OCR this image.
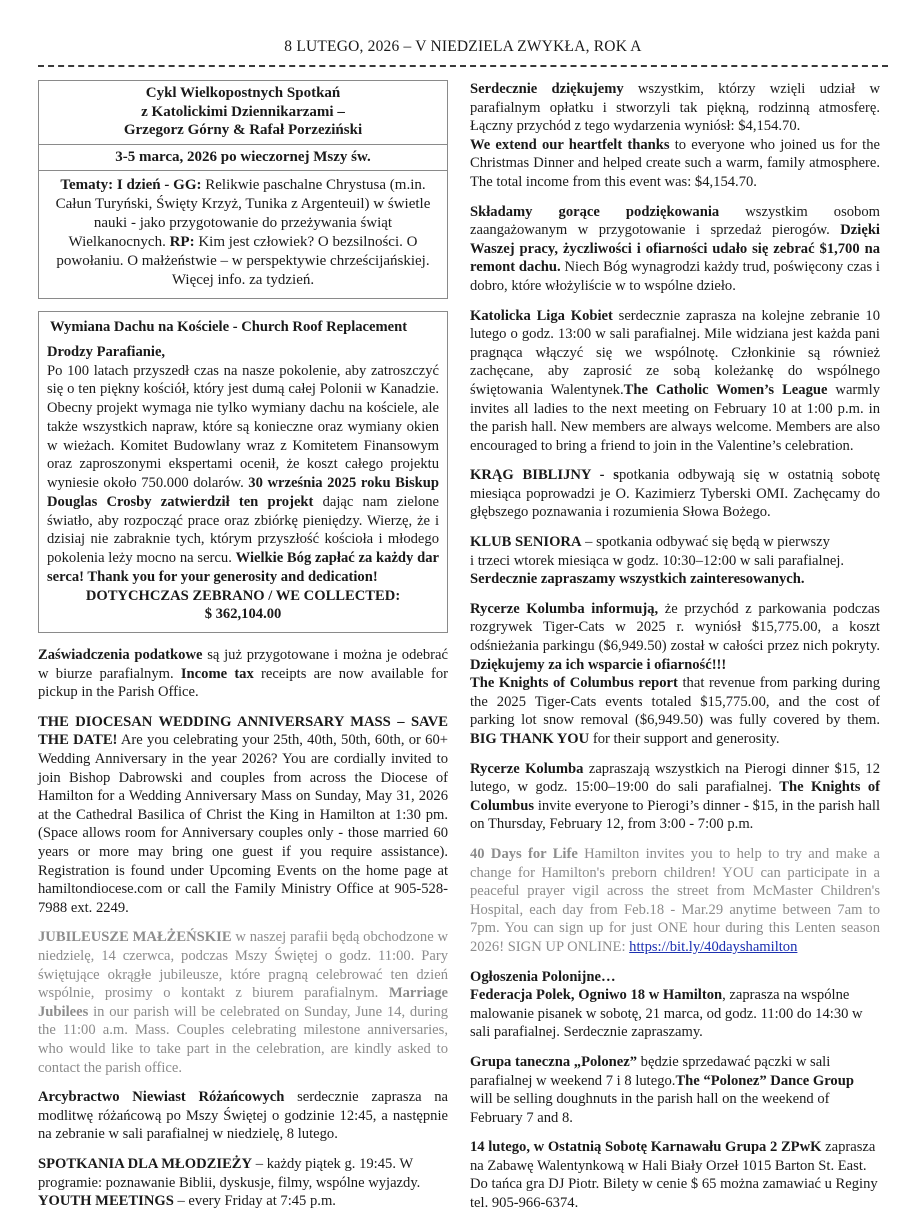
8 LUTEGO, 2026 – V NIEDZIELA ZWYKŁA, ROK A
Cykl Wielkopostnych Spotkań
z Katolickimi Dziennikarzami –
Grzegorz Górny & Rafał Porzeziński
3-5 marca, 2026 po wieczornej Mszy św.
Tematy: I dzień - GG: Relikwie paschalne Chrystusa (m.in. Całun Turyński, Święty Krzyż, Tunika z Argenteuil) w świetle nauki - jako przygotowanie do przeżywania świąt Wielkanocnych. RP: Kim jest człowiek? O bezsilności. O powołaniu. O małżeństwie – w perspektywie chrześcijańskiej. Więcej info. za tydzień.
Wymiana Dachu na Kościele - Church Roof Replacement
Drodzy Parafianie,
Po 100 latach przyszedł czas na nasze pokolenie, aby zatroszczyć się o ten piękny kościół, który jest dumą całej Polonii w Kanadzie. Obecny projekt wymaga nie tylko wymiany dachu na kościele, ale także wszystkich napraw, które są konieczne oraz wymiany okien w wieżach. Komitet Budowlany wraz z Komitetem Finansowym oraz zaproszonymi ekspertami ocenił, że koszt całego projektu wyniesie około 750.000 dolarów. 30 września 2025 roku Biskup Douglas Crosby zatwierdził ten projekt dając nam zielone światło, aby rozpocząć prace oraz zbiórkę pieniędzy. Wierzę, że i dzisiaj nie zabraknie tych, którym przyszłość kościoła i młodego pokolenia leży mocno na sercu. Wielkie Bóg zapłać za każdy dar serca! Thank you for your generosity and dedication!
DOTYCHCZAS ZEBRANO / WE COLLECTED:
$ 362,104.00

Zaświadczenia podatkowe są już przygotowane i można je odebrać w biurze parafialnym. Income tax receipts are now available for pickup in the Parish Office.

THE DIOCESAN WEDDING ANNIVERSARY MASS – SAVE THE DATE! Are you celebrating your 25th, 40th, 50th, 60th, or 60+ Wedding Anniversary in the year 2026? You are cordially invited to join Bishop Dabrowski and couples from across the Diocese of Hamilton for a Wedding Anniversary Mass on Sunday, May 31, 2026 at the Cathedral Basilica of Christ the King in Hamilton at 1:30 pm. (Space allows room for Anniversary couples only - those married 60 years or more may bring one guest if you require assistance). Registration is found under Upcoming Events on the home page at hamiltondiocese.com or call the Family Ministry Office at 905-528-7988 ext. 2249.

JUBILEUSZE MAŁŻEŃSKIE w naszej parafii będą obchodzone w niedzielę, 14 czerwca, podczas Mszy Świętej o godz. 11:00. Pary świętujące okrągłe jubileusze, które pragną celebrować ten dzień wspólnie, prosimy o kontakt z biurem parafialnym. Marriage Jubilees in our parish will be celebrated on Sunday, June 14, during the 11:00 a.m. Mass. Couples celebrating milestone anniversaries, who would like to take part in the celebration, are kindly asked to contact the parish office.

Arcybractwo Niewiast Różańcowych serdecznie zaprasza na modlitwę różańcową po Mszy Świętej o godzinie 12:45, a następnie na zebranie w sali parafialnej w niedzielę, 8 lutego.

SPOTKANIA DLA MŁODZIEŻY – każdy piątek g. 19:45. W programie: poznawanie Biblii, dyskusje, filmy, wspólne wyjazdy. YOUTH MEETINGS – every Friday at 7:45 p.m.

Serdecznie dziękujemy wszystkim, którzy wzięli udział w parafialnym opłatku i stworzyli tak piękną, rodzinną atmosferę. Łączny przychód z tego wydarzenia wyniósł: $4,154.70.
We extend our heartfelt thanks to everyone who joined us for the Christmas Dinner and helped create such a warm, family atmosphere. The total income from this event was: $4,154.70.

Składamy gorące podziękowania wszystkim osobom zaangażowanym w przygotowanie i sprzedaż pierogów. Dzięki Waszej pracy, życzliwości i ofiarności udało się zebrać $1,700 na remont dachu. Niech Bóg wynagrodzi każdy trud, poświęcony czas i dobro, które włożyliście w to wspólne dzieło.

Katolicka Liga Kobiet serdecznie zaprasza na kolejne zebranie 10 lutego o godz. 13:00 w sali parafialnej. Mile widziana jest każda pani pragnąca włączyć się we wspólnotę. Członkinie są również zachęcane, aby zaprosić ze sobą koleżankę do wspólnego świętowania Walentynek.The Catholic Women’s League warmly invites all ladies to the next meeting on February 10 at 1:00 p.m. in the parish hall. New members are always welcome. Members are also encouraged to bring a friend to join in the Valentine’s celebration.

KRĄG BIBLIJNY - spotkania odbywają się w ostatnią sobotę miesiąca poprowadzi je O. Kazimierz Tyberski OMI. Zachęcamy do głębszego poznawania i rozumienia Słowa Bożego.

KLUB SENIORA – spotkania odbywać się będą w pierwszy
i trzeci wtorek miesiąca w godz. 10:30–12:00 w sali parafialnej.
Serdecznie zapraszamy wszystkich zainteresowanych.

Rycerze Kolumba informują, że przychód z parkowania podczas rozgrywek Tiger-Cats w 2025 r. wyniósł $15,775.00, a koszt odśnieżania parkingu ($6,949.50) został w całości przez nich pokryty. Dziękujemy za ich wsparcie i ofiarność!!!
The Knights of Columbus report that revenue from parking during the 2025 Tiger-Cats events totaled $15,775.00, and the cost of parking lot snow removal ($6,949.50) was fully covered by them. BIG THANK YOU for their support and generosity.

Rycerze Kolumba zapraszają wszystkich na Pierogi dinner $15, 12 lutego, w godz. 15:00–19:00 do sali parafialnej. The Knights of Columbus invite everyone to Pierogi’s dinner - $15, in the parish hall on Thursday, February 12, from 3:00 - 7:00 p.m.

40 Days for Life Hamilton invites you to help to try and make a change for Hamilton's preborn children! YOU can participate in a peaceful prayer vigil across the street from McMaster Children's Hospital, each day from Feb.18 - Mar.29 anytime between 7am to 7pm. You can sign up for just ONE hour during this Lenten season 2026! SIGN UP ONLINE: https://bit.ly/40dayshamilton

Ogłoszenia Polonijne…
Federacja Polek, Ogniwo 18 w Hamilton, zaprasza na wspólne malowanie pisanek w sobotę, 21 marca, od godz. 11:00 do 14:30 w sali parafialnej. Serdecznie zapraszamy.

Grupa taneczna „Polonez” będzie sprzedawać pączki w sali parafialnej w weekend 7 i 8 lutego.The “Polonez” Dance Group will be selling doughnuts in the parish hall on the weekend of February 7 and 8.

14 lutego, w Ostatnią Sobotę Karnawału Grupa 2 ZPwK zaprasza na Zabawę Walentynkową w Hali Biały Orzeł 1015 Barton St. East. Do tańca gra DJ Piotr. Bilety w cenie $ 65 można zamawiać u Reginy tel. 905-966-6374.
